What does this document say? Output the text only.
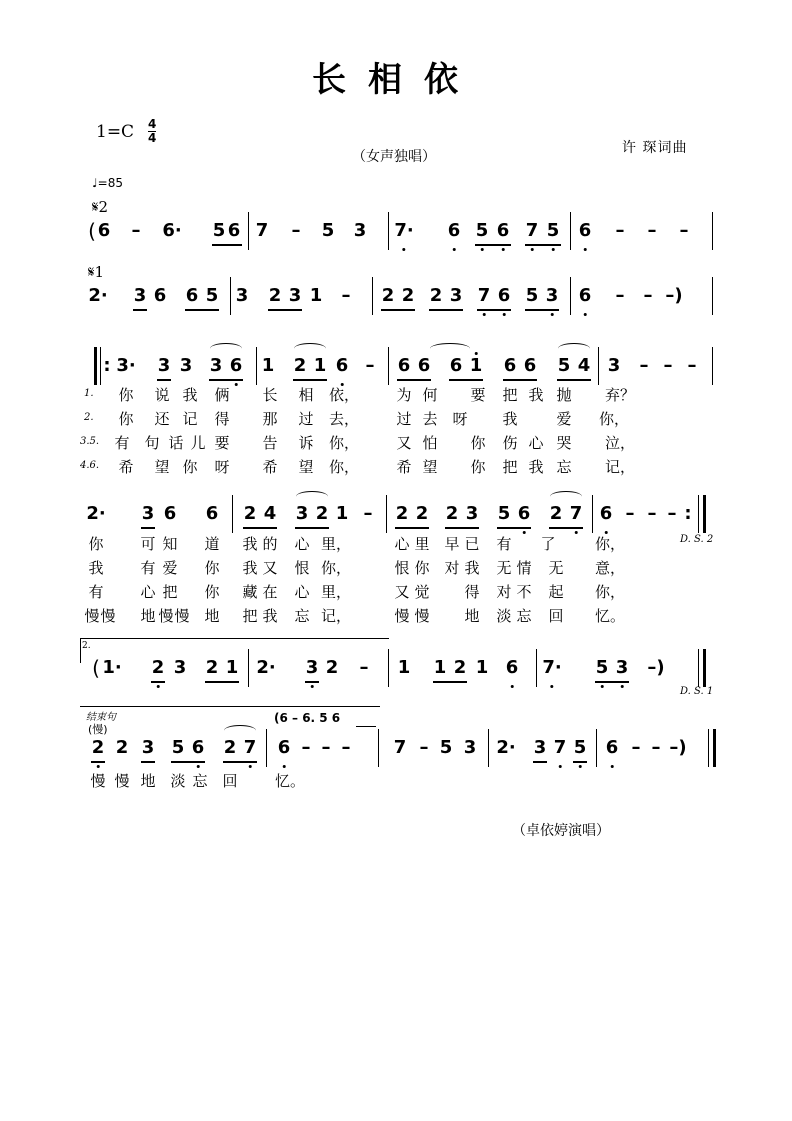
长相依
1=C 4
4
（女声独唱）
许 琛词曲
♩=85
𝄋2
( 6 – 6· 5 6 7 – 5 3 7· 6 5 6 7 5 6 – – –
𝄋1
2· 3 6 6 5 3 2 3 1 – 2 2 2 3 7 6 5 3 6 – – –)
: 3· 3 3 3 6 1 2 1 6 – 6 6 6 1 6 6 5 4 3 – – –
1. 你 说 我 俩 长 相 依， 为 何 要 把 我 抛 弃？
2. 你 还 记 得 那 过 去， 过 去 呀 我	爱 你，
3.5. 有 句 话 儿 要 告 诉 你， 又 怕 你 伤 心 哭 泣，
4.6. 希 望 你 呀 希 望 你， 希 望 你 把 我 忘 记，
2· 3 6 6 2 4 3 2 1 – 2 2 2 3 5 6 2 7 6 – – – :
D. S. 2
你 可 知 道 我 的 心 里，	心 里 早 已 有 了	你，
我 有 爱 你 我 又 恨 你，	恨 你 对 我 无 情 无 意，
有 心 把 你 藏 在 心 里，	又 觉 得 对 不 起 你，
慢 慢 地 慢 慢 地 把 我 忘 记，	慢 慢 地 淡 忘 回 忆。
2.
( 1· 2 3 2 1 2· 3 2 – 1 1 2 1 6 7· 5 3 –)
D. S. 1
结束句
(慢)
(6 – 6. 5 6
2 2 3 5 6 2 7 6 – – – 7 – 5 3 2· 3 7 5 6 – – –)
慢 慢 地 淡 忘 回 忆。
（卓依婷演唱）
